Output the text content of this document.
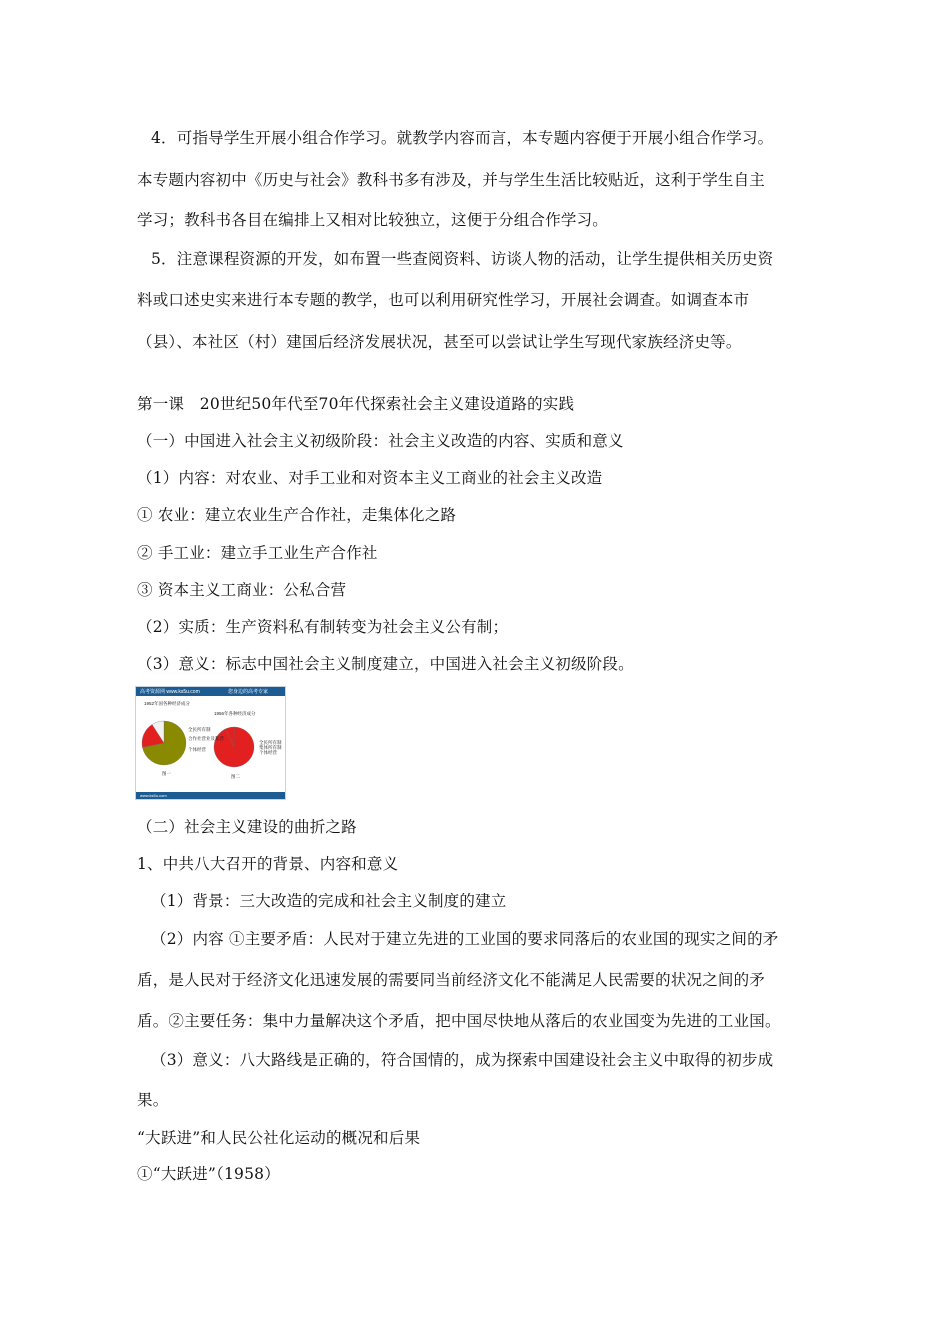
4．可指导学生开展小组合作学习。就教学内容而言，本专题内容便于开展小组合作学习。
本专题内容初中《历史与社会》教科书多有涉及，并与学生生活比较贴近，这利于学生自主
学习；教科书各目在编排上又相对比较独立，这便于分组合作学习。
5．注意课程资源的开发，如布置一些查阅资料、访谈人物的活动，让学生提供相关历史资
料或口述史实来进行本专题的教学，也可以利用研究性学习，开展社会调查。如调查本市
（县）、本社区（村）建国后经济发展状况，甚至可以尝试让学生写现代家族经济史等。
第一课　20世纪50年代至70年代探索社会主义建设道路的实践
（一）中国进入社会主义初级阶段：社会主义改造的内容、实质和意义
（1）内容：对农业、对手工业和对资本主义工商业的社会主义改造
① 农业：建立农业生产合作社，走集体化之路
② 手工业：建立手工业生产合作社
③ 资本主义工商业：公私合营
（2）实质：生产资料私有制转变为社会主义公有制；
（3）意义：标志中国社会主义制度建立，中国进入社会主义初级阶段。
高考资源网 www.ks5u.com	您身边的高考专家
1952年国各种经济成分
1956年各种经济成分
全民所有制
合作社营业及私营
个体经营
全民所有制
集体所有制
个体经营
图一
图二
www.ks5u.com
（二）社会主义建设的曲折之路
1、中共八大召开的背景、内容和意义
（1）背景：三大改造的完成和社会主义制度的建立
（2）内容 ①主要矛盾：人民对于建立先进的工业国的要求同落后的农业国的现实之间的矛
盾，是人民对于经济文化迅速发展的需要同当前经济文化不能满足人民需要的状况之间的矛
盾。②主要任务：集中力量解决这个矛盾，把中国尽快地从落后的农业国变为先进的工业国。
（3）意义：八大路线是正确的，符合国情的，成为探索中国建设社会主义中取得的初步成
果。
“大跃进”和人民公社化运动的概况和后果
①“大跃进”（1958）
